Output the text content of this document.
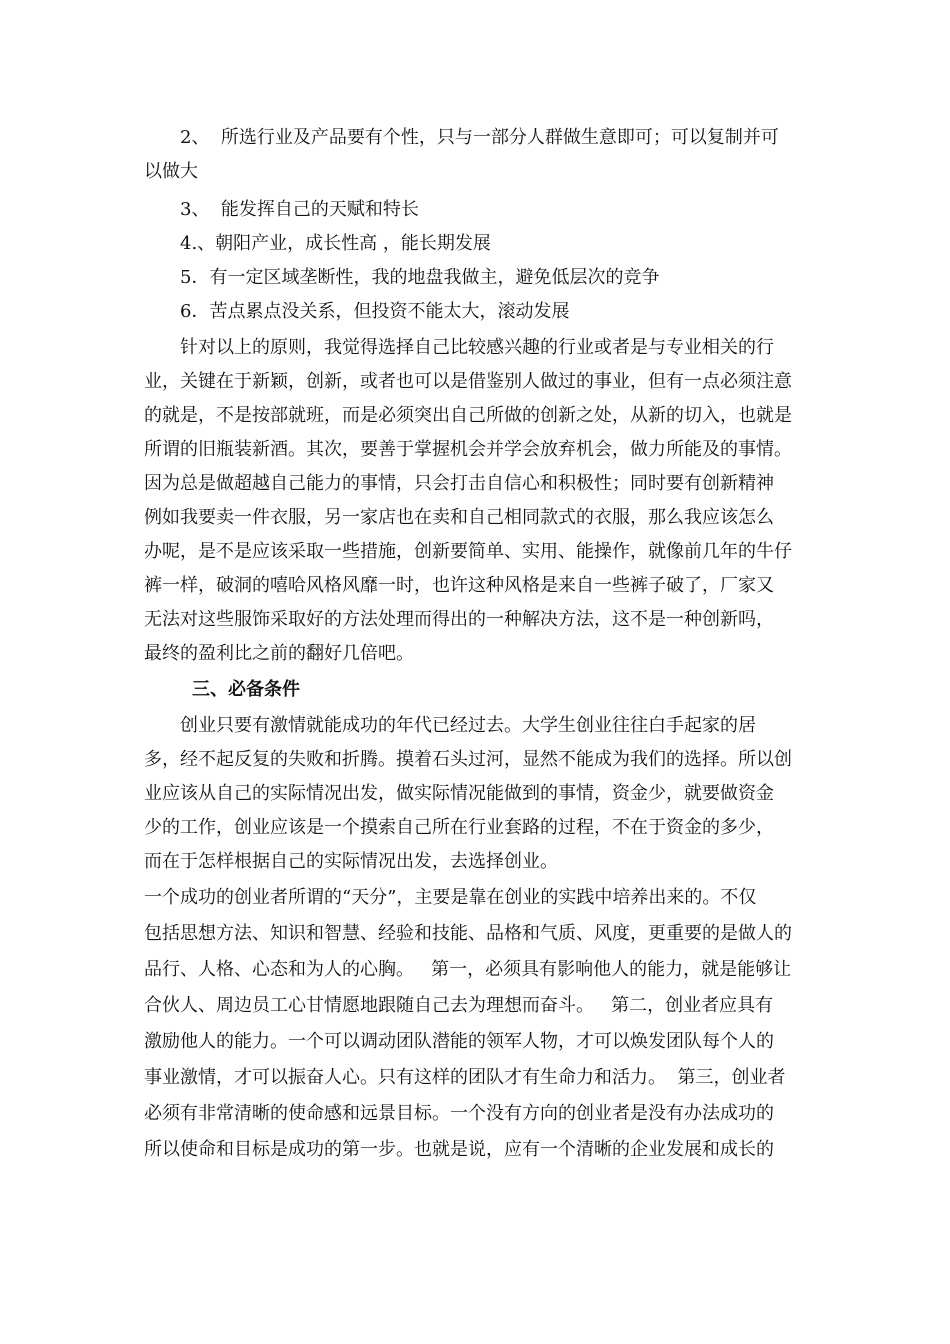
2、  所选行业及产品要有个性，只与一部分人群做生意即可；可以复制并可

以做大

3、  能发挥自己的天赋和特长

4.、朝阳产业，成长性高 ，能长期发展

5．有一定区域垄断性，我的地盘我做主，避免低层次的竞争

6．苦点累点没关系，但投资不能太大，滚动发展

针对以上的原则，我觉得选择自己比较感兴趣的行业或者是与专业相关的行

业，关键在于新颖，创新，或者也可以是借鉴别人做过的事业，但有一点必须注意

的就是，不是按部就班，而是必须突出自己所做的创新之处，从新的切入，也就是

所谓的旧瓶装新酒。其次，要善于掌握机会并学会放弃机会，做力所能及的事情。

因为总是做超越自己能力的事情，只会打击自信心和积极性；同时要有创新精神

例如我要卖一件衣服，另一家店也在卖和自己相同款式的衣服，那么我应该怎么

办呢，是不是应该采取一些措施，创新要简单、实用、能操作，就像前几年的牛仔

裤一样，破洞的嘻哈风格风靡一时，也许这种风格是来自一些裤子破了，厂家又

无法对这些服饰采取好的方法处理而得出的一种解决方法，这不是一种创新吗，

最终的盈利比之前的翻好几倍吧。

三、必备条件

创业只要有激情就能成功的年代已经过去。大学生创业往往白手起家的居

多，经不起反复的失败和折腾。摸着石头过河，显然不能成为我们的选择。所以创

业应该从自己的实际情况出发，做实际情况能做到的事情，资金少，就要做资金

少的工作，创业应该是一个摸索自己所在行业套路的过程，不在于资金的多少，

而在于怎样根据自己的实际情况出发，去选择创业。

一个成功的创业者所谓的“天分”，主要是靠在创业的实践中培养出来的。不仅

包括思想方法、知识和智慧、经验和技能、品格和气质、风度，更重要的是做人的

品行、人格、心态和为人的心胸。   第一，必须具有影响他人的能力，就是能够让

合伙人、周边员工心甘情愿地跟随自己去为理想而奋斗。   第二，创业者应具有

激励他人的能力。一个可以调动团队潜能的领军人物，才可以焕发团队每个人的

事业激情，才可以振奋人心。只有这样的团队才有生命力和活力。  第三，创业者

必须有非常清晰的使命感和远景目标。一个没有方向的创业者是没有办法成功的

所以使命和目标是成功的第一步。也就是说，应有一个清晰的企业发展和成长的
